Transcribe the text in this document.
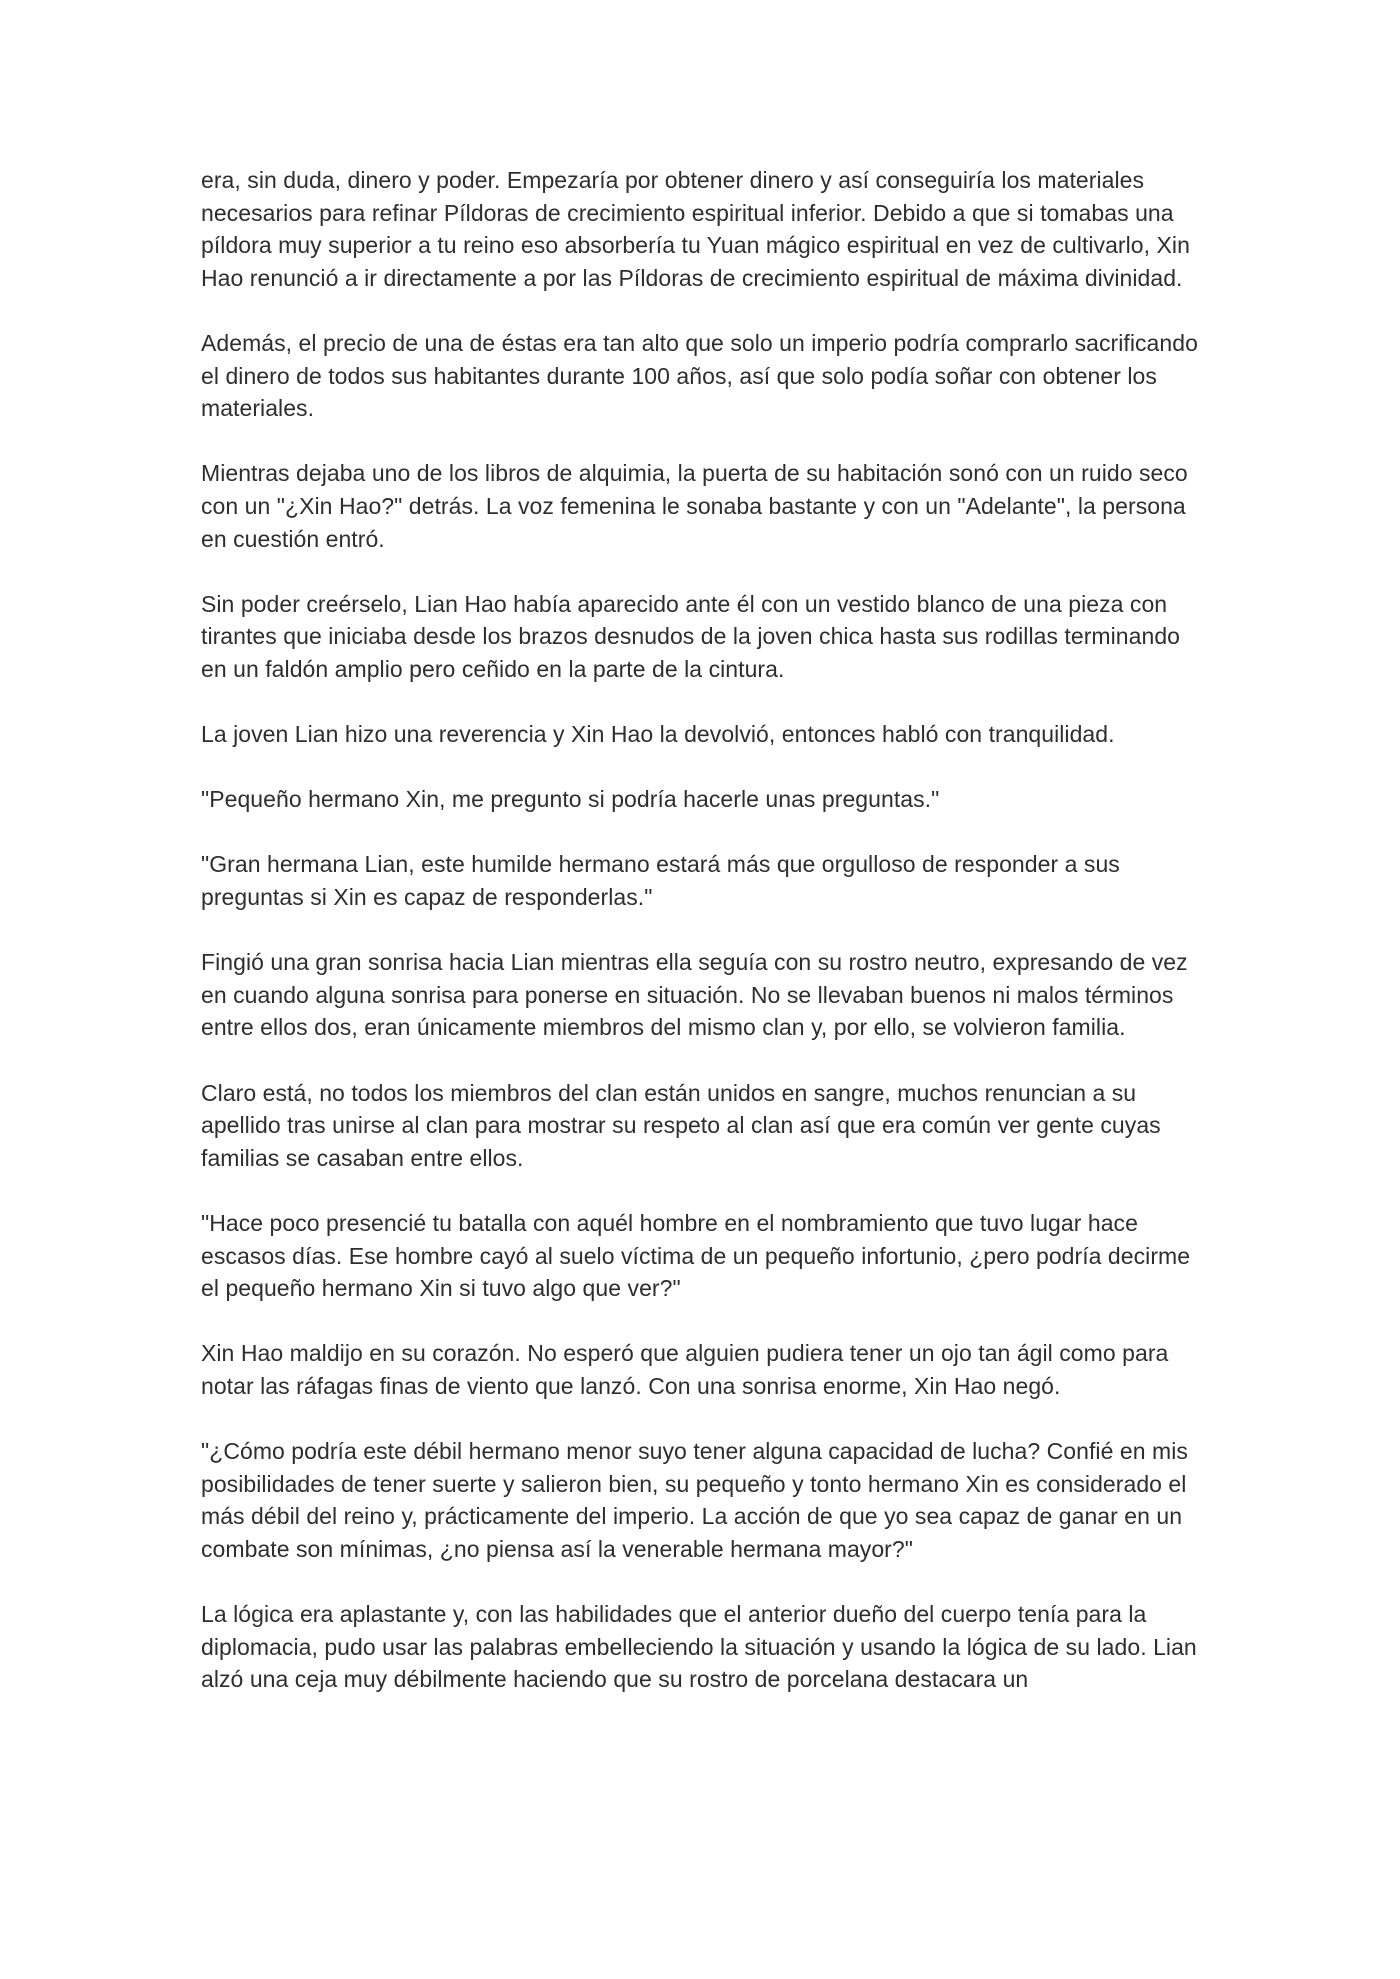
era, sin duda, dinero y poder. Empezaría por obtener dinero y así conseguiría los materiales necesarios para refinar Píldoras de crecimiento espiritual inferior. Debido a que si tomabas una píldora muy superior a tu reino eso absorbería tu Yuan mágico espiritual en vez de cultivarlo, Xin Hao renunció a ir directamente a por las Píldoras de crecimiento espiritual de máxima divinidad.

Además, el precio de una de éstas era tan alto que solo un imperio podría comprarlo sacrificando el dinero de todos sus habitantes durante 100 años, así que solo podía soñar con obtener los materiales.

Mientras dejaba uno de los libros de alquimia, la puerta de su habitación sonó con un ruido seco con un "¿Xin Hao?" detrás. La voz femenina le sonaba bastante y con un "Adelante", la persona en cuestión entró.

Sin poder creérselo, Lian Hao había aparecido ante él con un vestido blanco de una pieza con tirantes que iniciaba desde los brazos desnudos de la joven chica hasta sus rodillas terminando en un faldón amplio pero ceñido en la parte de la cintura.

La joven Lian hizo una reverencia y Xin Hao la devolvió, entonces habló con tranquilidad.

"Pequeño hermano Xin, me pregunto si podría hacerle unas preguntas."

"Gran hermana Lian, este humilde hermano estará más que orgulloso de responder a sus preguntas si Xin es capaz de responderlas."

Fingió una gran sonrisa hacia Lian mientras ella seguía con su rostro neutro, expresando de vez en cuando alguna sonrisa para ponerse en situación. No se llevaban buenos ni malos términos entre ellos dos, eran únicamente miembros del mismo clan y, por ello, se volvieron familia.

Claro está, no todos los miembros del clan están unidos en sangre, muchos renuncian a su apellido tras unirse al clan para mostrar su respeto al clan así que era común ver gente cuyas familias se casaban entre ellos.

"Hace poco presencié tu batalla con aquél hombre en el nombramiento que tuvo lugar hace escasos días. Ese hombre cayó al suelo víctima de un pequeño infortunio, ¿pero podría decirme el pequeño hermano Xin si tuvo algo que ver?"

Xin Hao maldijo en su corazón. No esperó que alguien pudiera tener un ojo tan ágil como para notar las ráfagas finas de viento que lanzó. Con una sonrisa enorme, Xin Hao negó.

"¿Cómo podría este débil hermano menor suyo tener alguna capacidad de lucha? Confié en mis posibilidades de tener suerte y salieron bien, su pequeño y tonto hermano Xin es considerado el más débil del reino y, prácticamente del imperio. La acción de que yo sea capaz de ganar en un combate son mínimas, ¿no piensa así la venerable hermana mayor?"

La lógica era aplastante y, con las habilidades que el anterior dueño del cuerpo tenía para la diplomacia, pudo usar las palabras embelleciendo la situación y usando la lógica de su lado. Lian alzó una ceja muy débilmente haciendo que su rostro de porcelana destacara un
